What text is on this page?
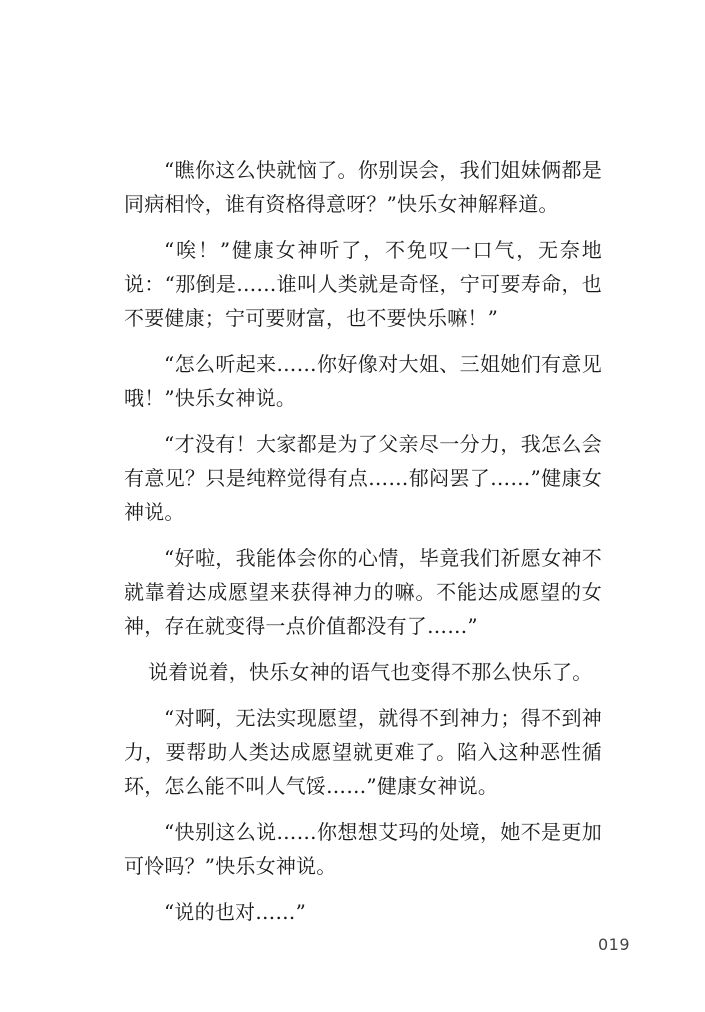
“瞧你这么快就恼了。你别误会，我们姐妹俩都是同病相怜，谁有资格得意呀？”快乐女神解释道。

“唉！”健康女神听了，不免叹一口气，无奈地说：“那倒是……谁叫人类就是奇怪，宁可要寿命，也不要健康；宁可要财富，也不要快乐嘛！”

“怎么听起来……你好像对大姐、三姐她们有意见哦！”快乐女神说。

“才没有！大家都是为了父亲尽一分力，我怎么会有意见？只是纯粹觉得有点……郁闷罢了……”健康女神说。

“好啦，我能体会你的心情，毕竟我们祈愿女神不就靠着达成愿望来获得神力的嘛。不能达成愿望的女神，存在就变得一点价值都没有了……”

说着说着，快乐女神的语气也变得不那么快乐了。

“对啊，无法实现愿望，就得不到神力；得不到神力，要帮助人类达成愿望就更难了。陷入这种恶性循环，怎么能不叫人气馁……”健康女神说。

“快别这么说……你想想艾玛的处境，她不是更加可怜吗？”快乐女神说。

“说的也对……”

019
